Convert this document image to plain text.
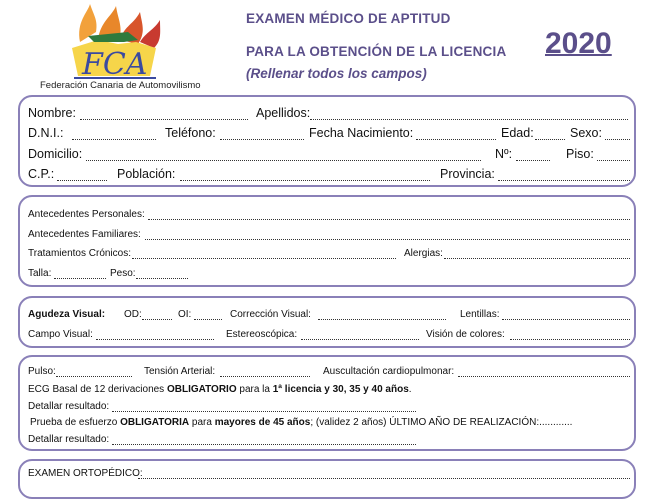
FCA
Federación Canaria de Automovilismo
EXAMEN MÉDICO DE APTITUD
PARA LA OBTENCIÓN DE LA LICENCIA 2020
(Rellenar todos los campos)
Nombre:	Apellidos:
D.N.I.:	Teléfono:	Fecha Nacimiento:	Edad:	Sexo:
Domicilio:	Nº:	Piso:
C.P.:	Población:	Provincia:
Antecedentes Personales:
Antecedentes Familiares:
Tratamientos Crónicos:	Alergias:
Talla:	Peso:
Agudeza Visual: OD:	OI:	Corrección Visual:	Lentillas:
Campo Visual:	Estereoscópica:	Visión de colores:
Pulso:	Tensión Arterial:	Auscultación cardiopulmonar:
ECG Basal de 12 derivaciones OBLIGATORIO para la 1ª licencia y 30, 35 y 40 años.
Detallar resultado:
Prueba de esfuerzo OBLIGATORIA para mayores de 45 años; (validez 2 años) ÚLTIMO AÑO DE REALIZACIÓN:............
Detallar resultado:
EXAMEN ORTOPÉDICO:
